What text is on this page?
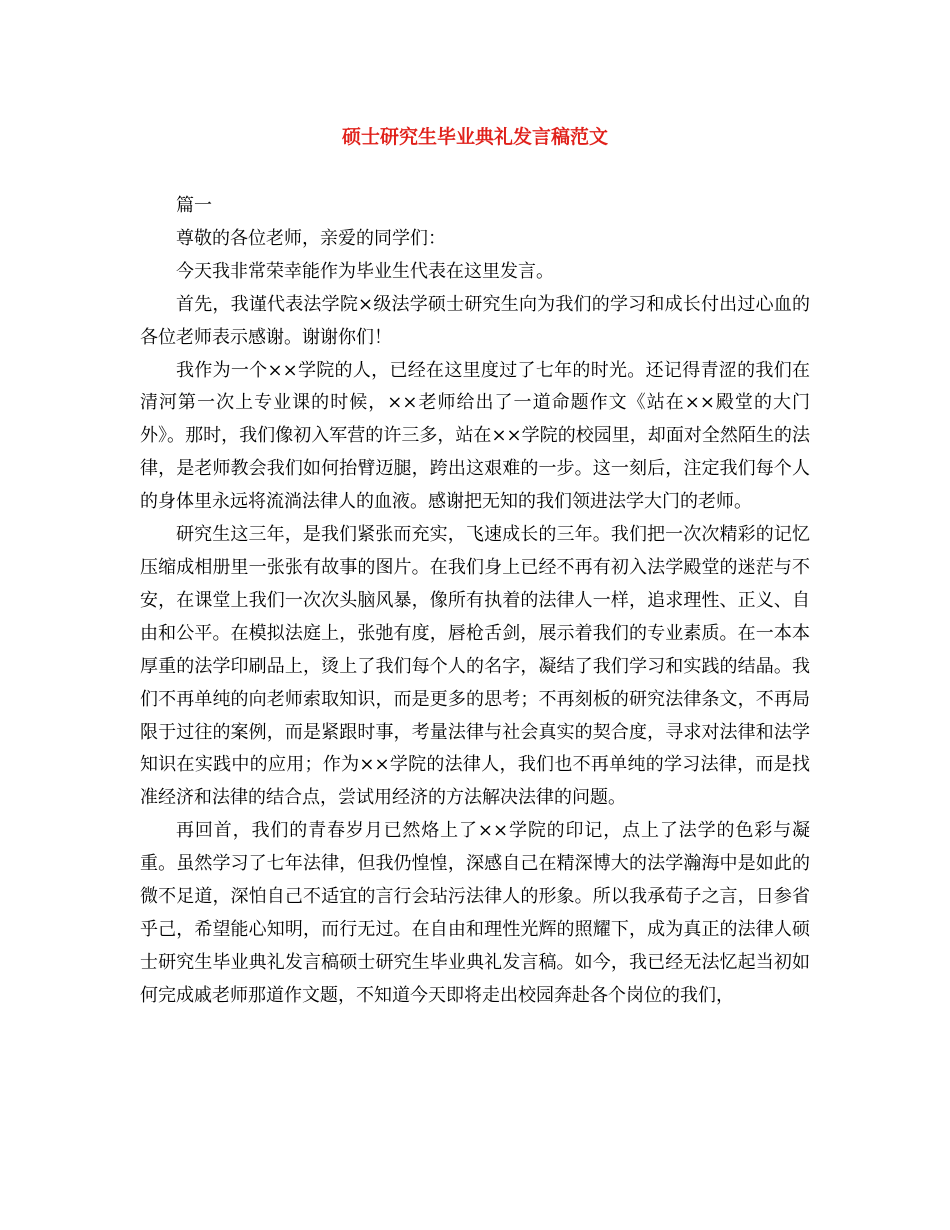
硕士研究生毕业典礼发言稿范文

篇一

尊敬的各位老师，亲爱的同学们：

今天我非常荣幸能作为毕业生代表在这里发言。

首先，我谨代表法学院×级法学硕士研究生向为我们的学习和成长付出过心血的各位老师表示感谢。谢谢你们！

我作为一个××学院的人，已经在这里度过了七年的时光。还记得青涩的我们在清河第一次上专业课的时候，××老师给出了一道命题作文《站在××殿堂的大门外》。那时，我们像初入军营的许三多，站在××学院的校园里，却面对全然陌生的法律，是老师教会我们如何抬臂迈腿，跨出这艰难的一步。这一刻后，注定我们每个人的身体里永远将流淌法律人的血液。感谢把无知的我们领进法学大门的老师。

研究生这三年，是我们紧张而充实，飞速成长的三年。我们把一次次精彩的记忆压缩成相册里一张张有故事的图片。在我们身上已经不再有初入法学殿堂的迷茫与不安，在课堂上我们一次次头脑风暴，像所有执着的法律人一样，追求理性、正义、自由和公平。在模拟法庭上，张弛有度，唇枪舌剑，展示着我们的专业素质。在一本本厚重的法学印刷品上，烫上了我们每个人的名字，凝结了我们学习和实践的结晶。我们不再单纯的向老师索取知识，而是更多的思考；不再刻板的研究法律条文，不再局限于过往的案例，而是紧跟时事，考量法律与社会真实的契合度，寻求对法律和法学知识在实践中的应用；作为××学院的法律人，我们也不再单纯的学习法律，而是找准经济和法律的结合点，尝试用经济的方法解决法律的问题。

再回首，我们的青春岁月已然烙上了××学院的印记，点上了法学的色彩与凝重。虽然学习了七年法律，但我仍惶惶，深感自己在精深博大的法学瀚海中是如此的微不足道，深怕自己不适宜的言行会玷污法律人的形象。所以我承荀子之言，日参省乎己，希望能心知明，而行无过。在自由和理性光辉的照耀下，成为真正的法律人硕士研究生毕业典礼发言稿硕士研究生毕业典礼发言稿。如今，我已经无法忆起当初如何完成戚老师那道作文题，不知道今天即将走出校园奔赴各个岗位的我们，
